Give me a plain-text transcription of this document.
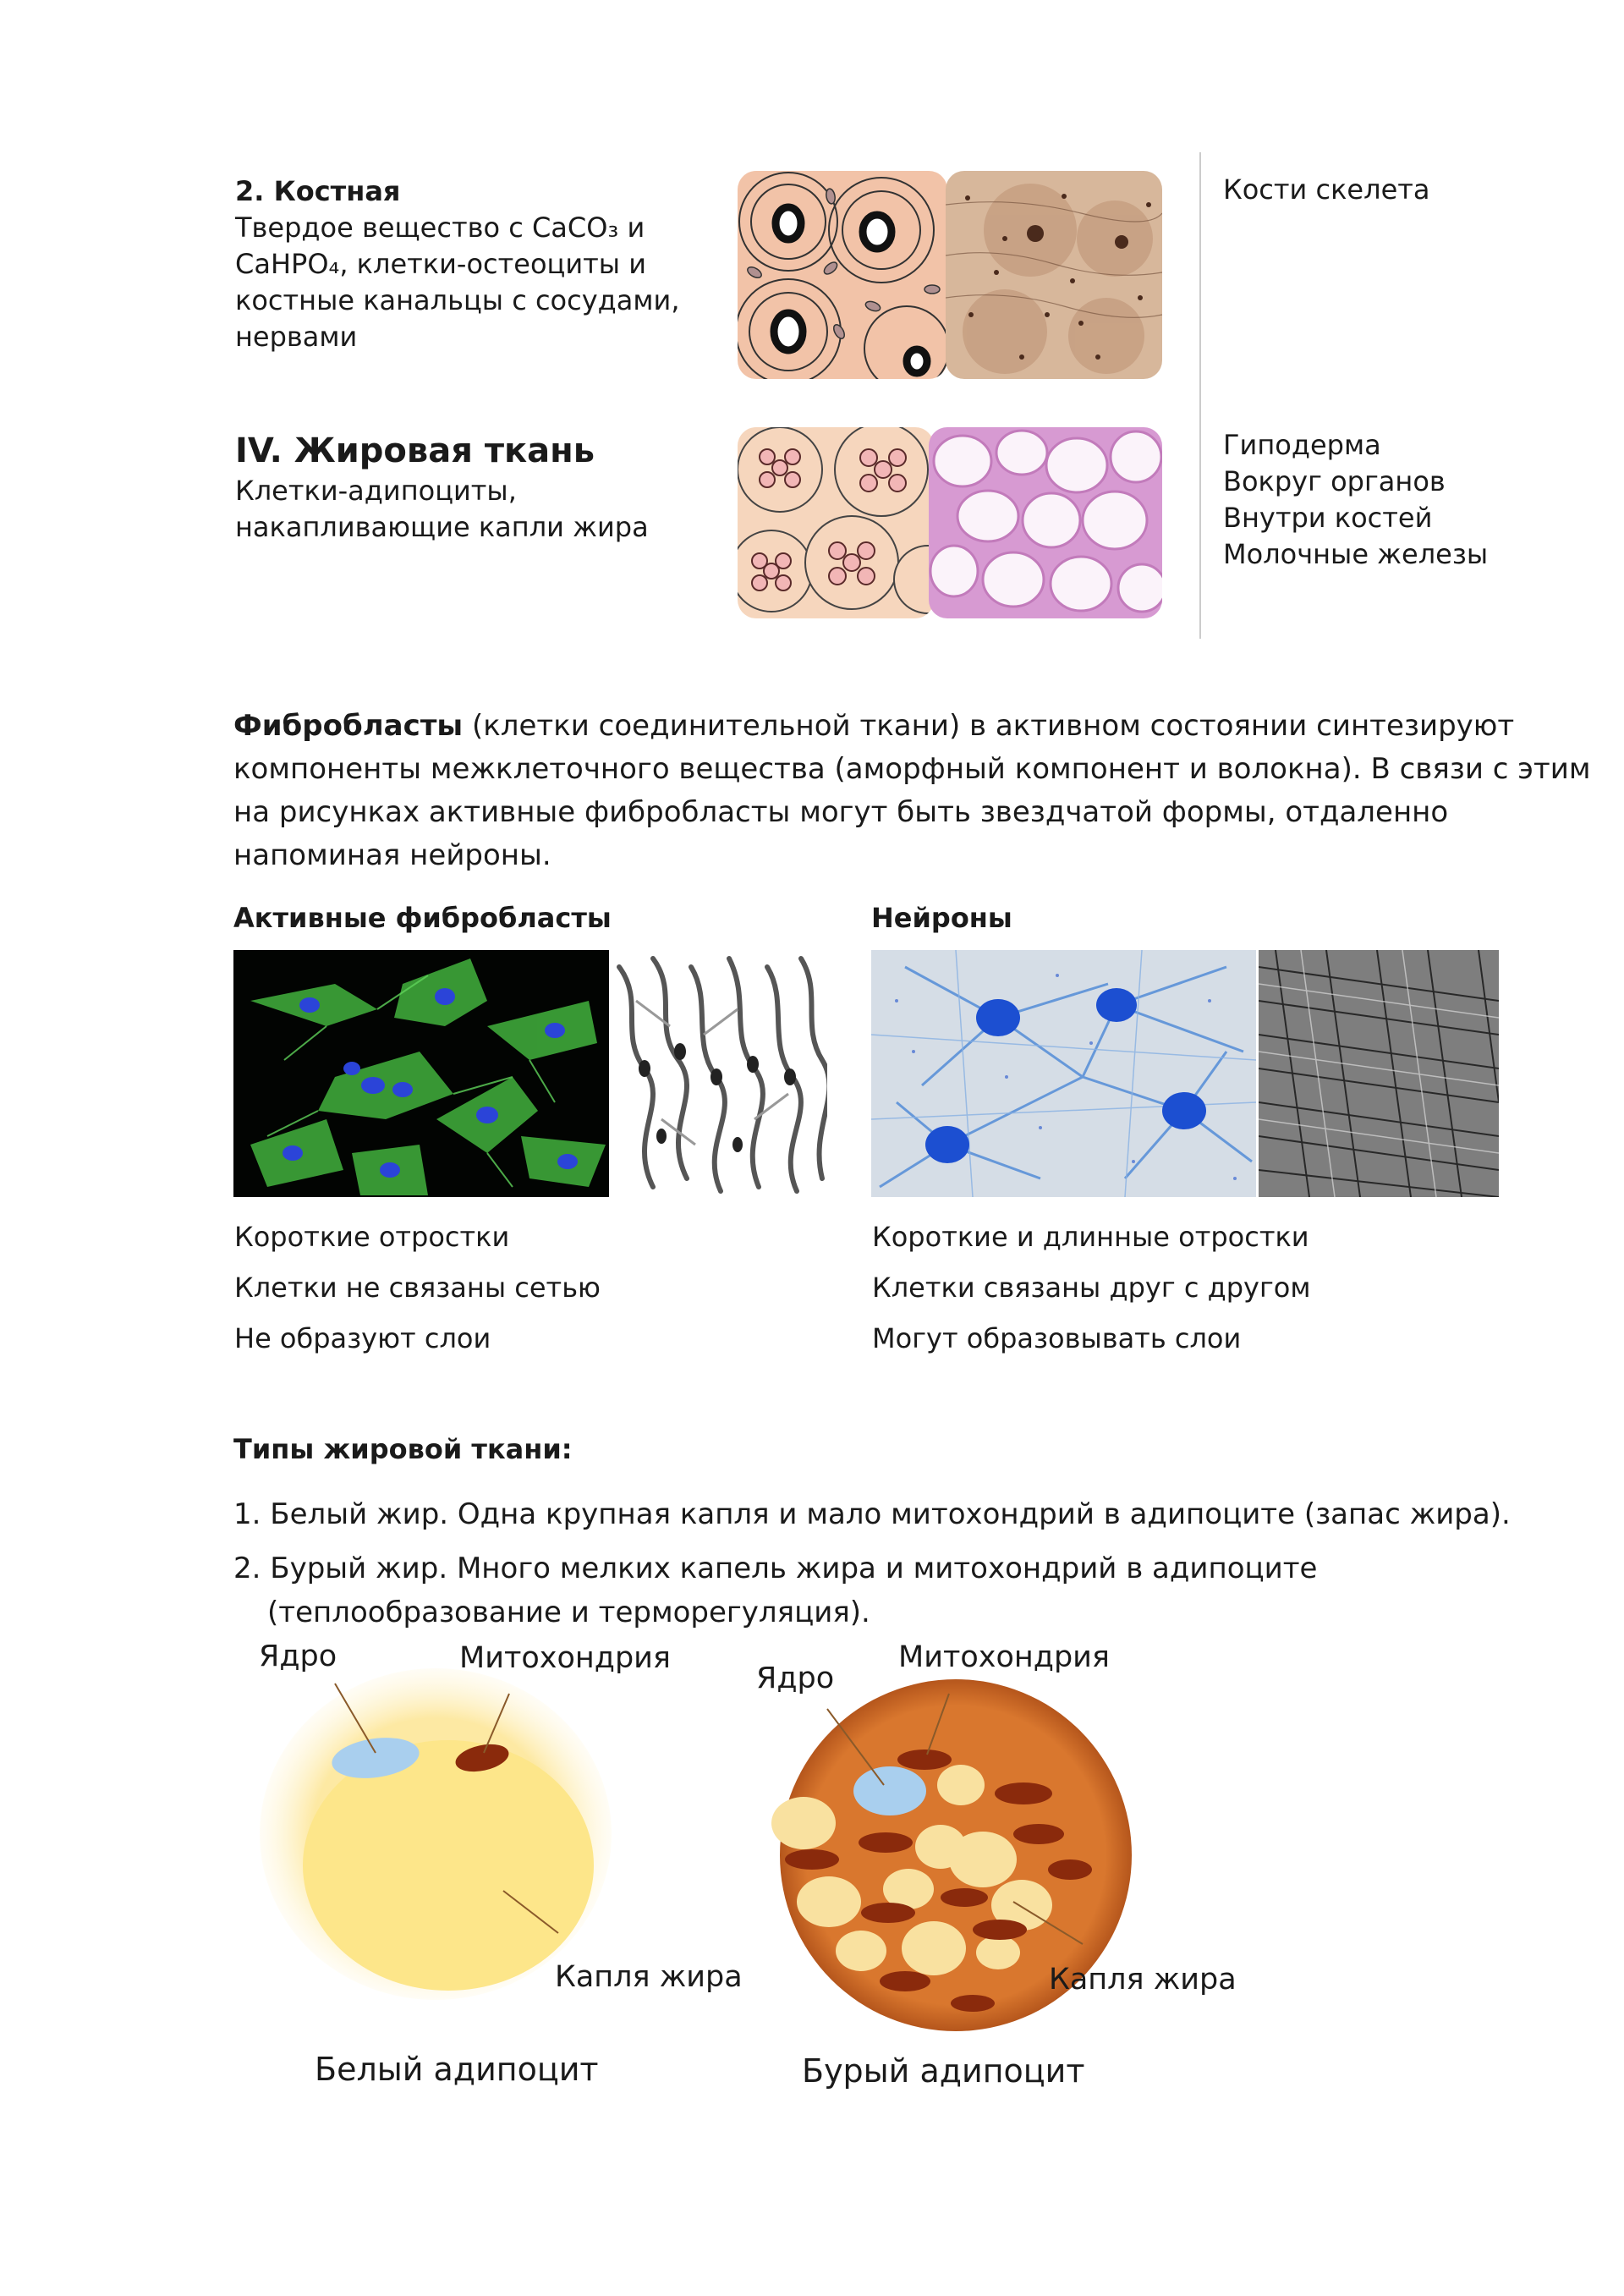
2. Костная
Твердое вещество с CaCO₃ и
CaHPO₄, клетки-остеоциты и
костные канальцы с сосудами,
нервами
Кости скелета
IV. Жировая ткань
Клетки-адипоциты,
накапливающие капли жира
Гиподерма
Вокруг органов
Внутри костей
Молочные железы
Фибробласты (клетки соединительной ткани) в активном состоянии синтезируют
компоненты межклеточного вещества (аморфный компонент и волокна). В связи с этим
на рисунках активные фибробласты могут быть звездчатой формы, отдаленно
напоминая нейроны.
Активные фибробласты	Нейроны
Короткие отростки
Клетки не связаны сетью
Не образуют слои
Короткие и длинные отростки
Клетки связаны друг с другом
Могут образовывать слои
Типы жировой ткани:
1. Белый жир. Одна крупная капля и мало митохондрий в адипоците (запас жира).
2. Бурый жир. Много мелких капель жира и митохондрий в адипоците
(теплообразование и терморегуляция).
Ядро	Митохондрия
Капля жира
Белый адипоцит
Ядро
Митохондрия
Капля жира
Бурый адипоцит
